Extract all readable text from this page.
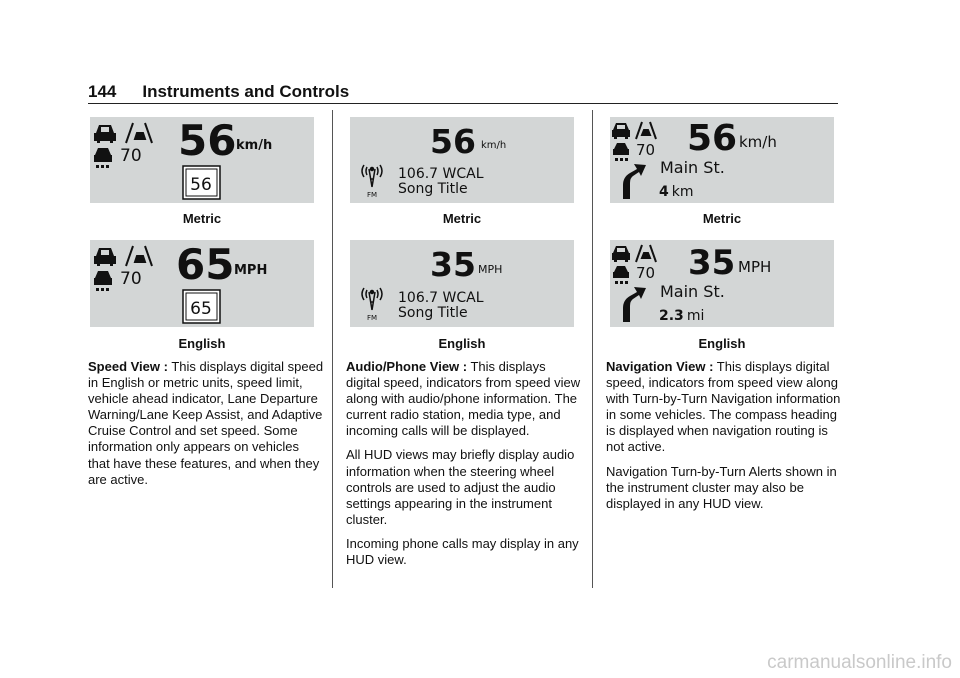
144 Instruments and Controls
70 56 km/h
56
Metric
70 65 MPH
65
English

Speed View : This displays digital speed in English or metric units, speed limit, vehicle ahead indicator, Lane Departure Warning/Lane Keep Assist, and Adaptive Cruise Control and set speed. Some information only appears on vehicles that have these features, and when they are active.

56 km/h
FM
106.7 WCAL
Song Title
Metric
35 MPH
FM
106.7 WCAL
Song Title
English

Audio/Phone View : This displays digital speed, indicators from speed view along with audio/phone information. The current radio station, media type, and incoming calls will be displayed.

All HUD views may briefly display audio information when the steering wheel controls are used to adjust the audio settings appearing in the instrument cluster.

Incoming phone calls may display in any HUD view.

70 56 km/h
Main St.
4 km
Metric
70 35 MPH
Main St.
2.3 mi
English

Navigation View : This displays digital speed, indicators from speed view along with Turn-by-Turn Navigation information in some vehicles. The compass heading is displayed when navigation routing is not active.

Navigation Turn-by-Turn Alerts shown in the instrument cluster may also be displayed in any HUD view.

carmanualsonline.info
